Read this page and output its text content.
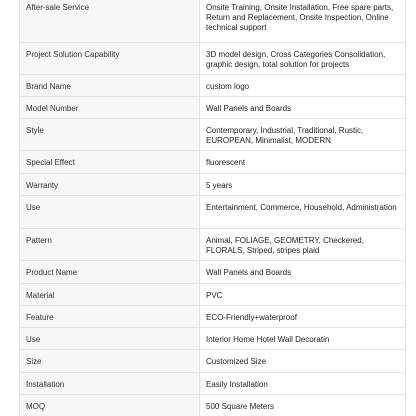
After-sale Service	Onsite Training, Onsite Installation, Free spare parts, Return and Replacement, Onsite Inspection, Online technical support
Project Solution Capability	3D model design, Cross Categories Consolidation, graphic design, total solution for projects
Brand Name	custom logo
Model Number	Wall Panels and Boards
Style	Contemporary, Industrial, Traditional, Rustic, EUROPEAN, Minimalist, MODERN
Special Effect	fluorescent
Warranty	5 years
Use	Entertainment, Commerce, Household, Administration
Pattern	Animal, FOLIAGE, GEOMETRY, Checkered, FLORALS, Striped, stripes plaid
Product Name	Wall Panels and Boards
Material	PVC
Feature	ECO-Friendly+waterproof
Use	Interior Home Hotel Wall Decoratin
Size	Customized Size
Installation	Easily Installation
MOQ	500 Square Meters
